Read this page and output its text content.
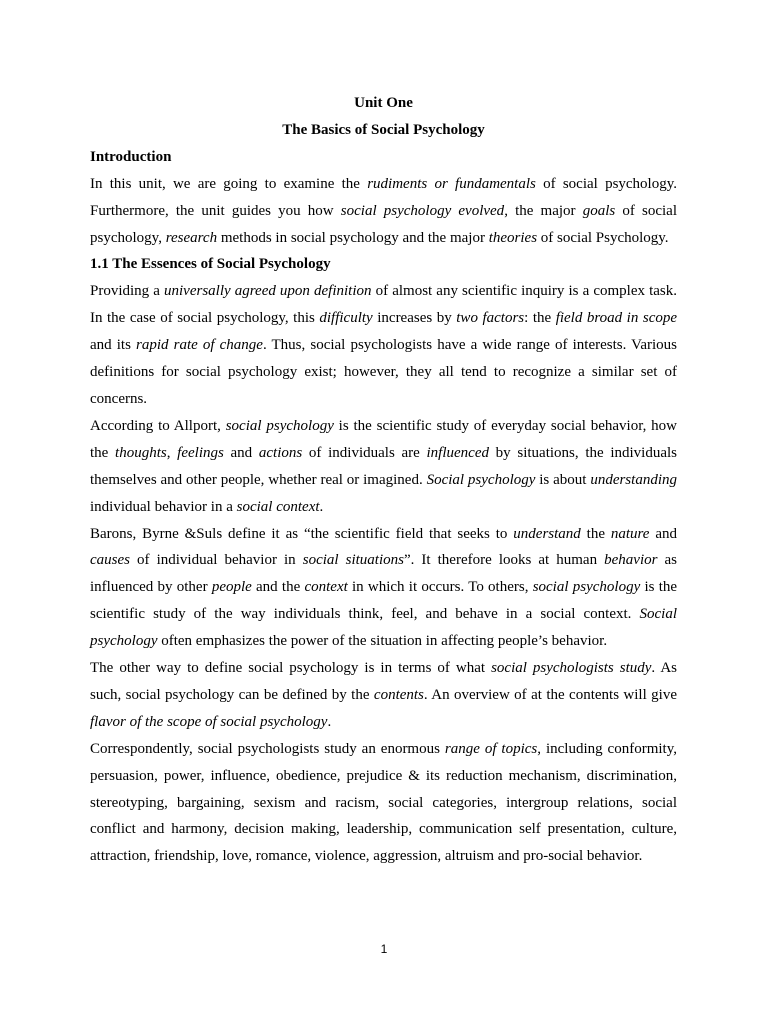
Unit One
The Basics of Social Psychology
Introduction

In this unit, we are going to examine the rudiments or fundamentals of social psychology. Furthermore, the unit guides you how social psychology evolved, the major goals of social psychology, research methods in social psychology and the major theories of social Psychology.

1.1 The Essences of Social Psychology

Providing a universally agreed upon definition of almost any scientific inquiry is a complex task. In the case of social psychology, this difficulty increases by two factors: the field broad in scope and its rapid rate of change. Thus, social psychologists have a wide range of interests. Various definitions for social psychology exist; however, they all tend to recognize a similar set of concerns.

According to Allport, social psychology is the scientific study of everyday social behavior, how the thoughts, feelings and actions of individuals are influenced by situations, the individuals themselves and other people, whether real or imagined. Social psychology is about understanding individual behavior in a social context.

Barons, Byrne &Suls define it as “the scientific field that seeks to understand the nature and causes of individual behavior in social situations”. It therefore looks at human behavior as influenced by other people and the context in which it occurs. To others, social psychology is the scientific study of the way individuals think, feel, and behave in a social context. Social psychology often emphasizes the power of the situation in affecting people’s behavior.

The other way to define social psychology is in terms of what social psychologists study. As such, social psychology can be defined by the contents. An overview of at the contents will give flavor of the scope of social psychology.

Correspondently, social psychologists study an enormous range of topics, including conformity, persuasion, power, influence, obedience, prejudice & its reduction mechanism, discrimination, stereotyping, bargaining, sexism and racism, social categories, intergroup relations, social conflict and harmony, decision making, leadership, communication self presentation, culture, attraction, friendship, love, romance, violence, aggression, altruism and pro-social behavior.

1
